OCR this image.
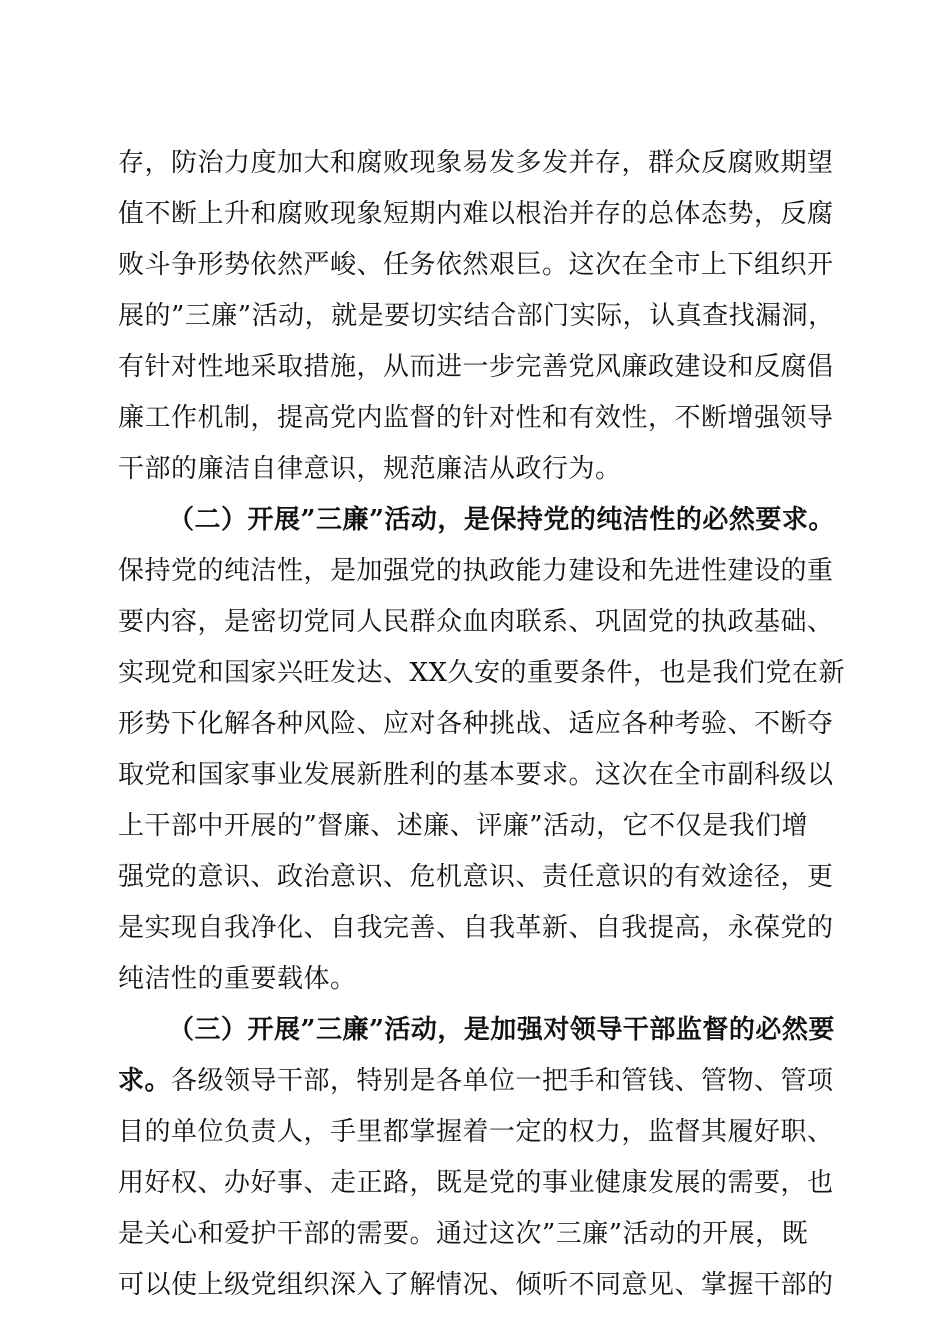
存，防治力度加大和腐败现象易发多发并存，群众反腐败期望
值不断上升和腐败现象短期内难以根治并存的总体态势，反腐
败斗争形势依然严峻、任务依然艰巨。这次在全市上下组织开
展的”三廉”活动，就是要切实结合部门实际，认真查找漏洞，
有针对性地采取措施，从而进一步完善党风廉政建设和反腐倡
廉工作机制，提高党内监督的针对性和有效性，不断增强领导
干部的廉洁自律意识，规范廉洁从政行为。
（二）开展”三廉”活动，是保持党的纯洁性的必然要求。
保持党的纯洁性，是加强党的执政能力建设和先进性建设的重
要内容，是密切党同人民群众血肉联系、巩固党的执政基础、
实现党和国家兴旺发达、XX久安的重要条件，也是我们党在新
形势下化解各种风险、应对各种挑战、适应各种考验、不断夺
取党和国家事业发展新胜利的基本要求。这次在全市副科级以
上干部中开展的”督廉、述廉、评廉”活动，它不仅是我们增
强党的意识、政治意识、危机意识、责任意识的有效途径，更
是实现自我净化、自我完善、自我革新、自我提高，永葆党的
纯洁性的重要载体。
（三）开展”三廉”活动，是加强对领导干部监督的必然要
求。各级领导干部，特别是各单位一把手和管钱、管物、管项
目的单位负责人，手里都掌握着一定的权力，监督其履好职、
用好权、办好事、走正路，既是党的事业健康发展的需要，也
是关心和爱护干部的需要。通过这次”三廉”活动的开展，既
可以使上级党组织深入了解情况、倾听不同意见、掌握干部的
